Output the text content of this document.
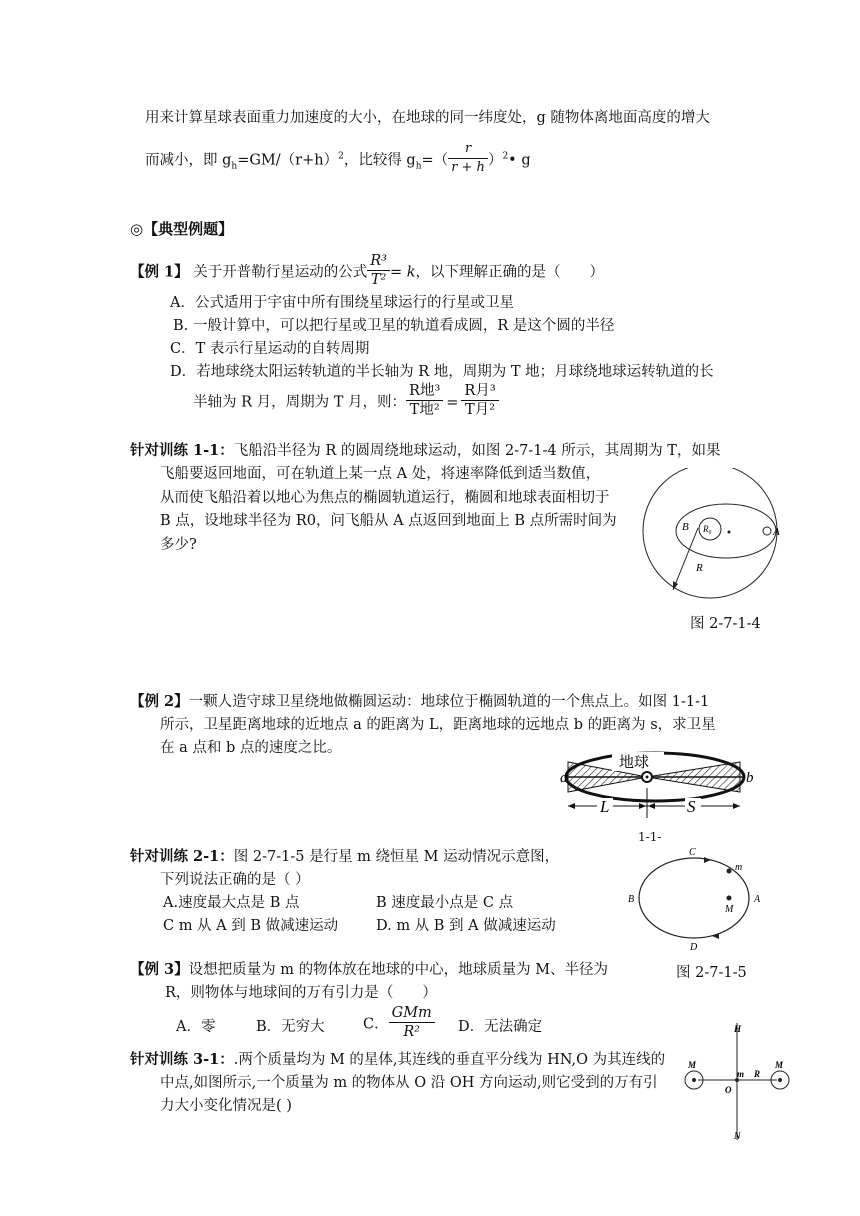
用来计算星球表面重力加速度的大小，在地球的同一纬度处，g 随物体离地面高度的增大
而减小，即 $g_h=GM/(r+h)^2$，比较得 $g_h=( \frac{r}{r + h}$ ）$^2•$ g
◎【典型例题】
【例 1】 关于开普勒行星运动的公式 $\frac{\text{R³}}{\text{T²}} = k$，以下理解正确的是（　　）
A．公式适用于宇宙中所有围绕星球运行的行星或卫星
B. 一般计算中，可以把行星或卫星的轨道看成圆，R 是这个圆的半径
C．T 表示行星运动的自转周期
D．若地球绕太阳运转轨道的半长轴为 R 地，周期为 T 地；月球绕地球运转轨道的长
半轴为 R 月，周期为 T 月，则： $\frac{\text{R地³}}{\text{T地²}} = \frac{\text{R月³}}{\text{T月²}}$
针对训练 1-1：飞船沿半径为 R 的圆周绕地球运动，如图 2-7-1-4 所示，其周期为 T，如果
飞船要返回地面，可在轨道上某一点 A 处，将速率降低到适当数值，
从而使飞船沿着以地心为焦点的椭圆轨道运行，椭圆和地球表面相切于
B 点，设地球半径为 R0，问飞船从 A 点返回到地面上 B 点所需时间为
多少?
B R₀	A
R
图 2-7-1-4
【例 2】一颗人造守球卫星绕地做椭圆运动：地球位于椭圆轨道的一个焦点上。如图 1-1-1
所示，卫星距离地球的近地点 a 的距离为 L，距离地球的远地点 b 的距离为 s，求卫星
在 a 点和 b 点的速度之比。
地球
L	S
a	b
1-1-
针对训练 2-1：图 2-7-1-5 是行星 m 绕恒星 M 运动情况示意图，
下列说法正确的是（ ）
A.速度最大点是 B 点	B 速度最小点是 C 点
C m 从 A 到 B 做减速运动	D. m 从 B 到 A 做减速运动
C
m
B
M
A
D
图 2-7-1-5
【例 3】设想把质量为 m 的物体放在地球的中心，地球质量为 M、半径为
R，则物体与地球间的万有引力是（　　）
A．零	B．无穷大	C． $\frac{\text{GMm}}{\text{R²}}$ D．无法确定
针对训练 3-1：.两个质量均为 M 的星体,其连线的垂直平分线为 HN,O 为其连线的
中点,如图所示,一个质量为 m 的物体从 O 沿 OH 方向运动,则它受到的万有引
力大小变化情况是( )
H
N
M	M
m R
O
